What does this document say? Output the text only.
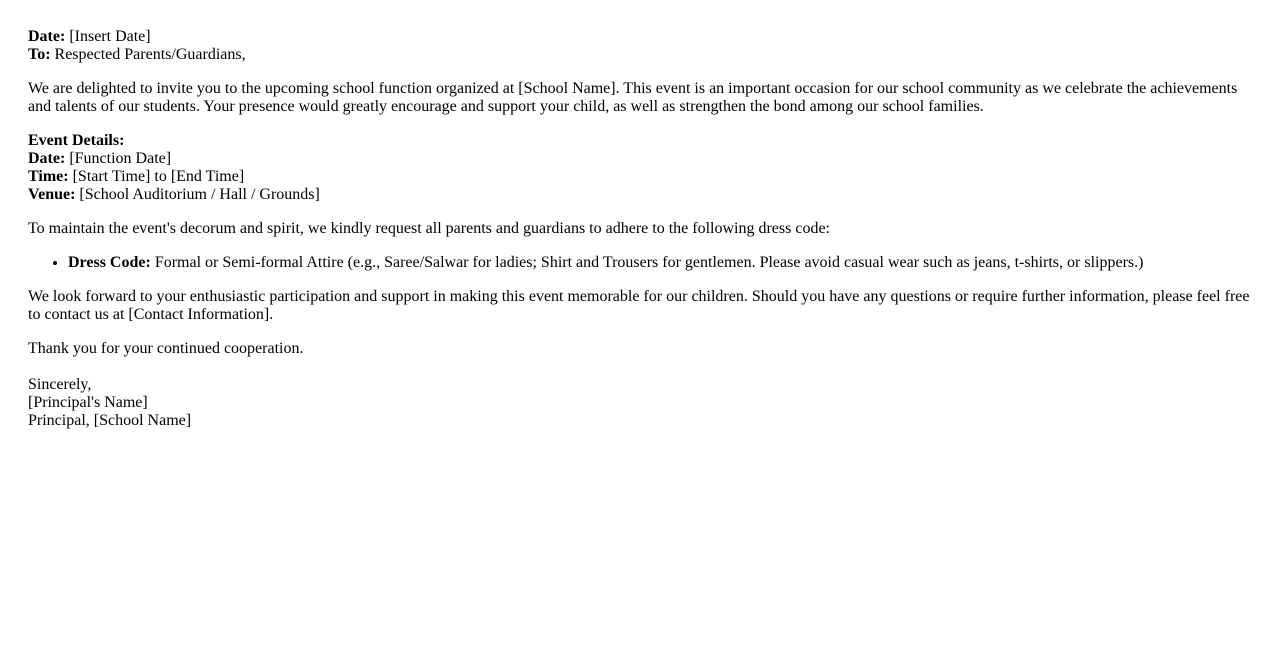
Date: [Insert Date]
To: Respected Parents/Guardians,

We are delighted to invite you to the upcoming school function organized at [School Name]. This event is an important occasion for our school community as we celebrate the achievements and talents of our students. Your presence would greatly encourage and support your child, as well as strengthen the bond among our school families.

Event Details:
Date: [Function Date]
Time: [Start Time] to [End Time]
Venue: [School Auditorium / Hall / Grounds]

To maintain the event's decorum and spirit, we kindly request all parents and guardians to adhere to the following dress code:

• Dress Code: Formal or Semi-formal Attire (e.g., Saree/Salwar for ladies; Shirt and Trousers for gentlemen. Please avoid casual wear such as jeans, t-shirts, or slippers.)

We look forward to your enthusiastic participation and support in making this event memorable for our children. Should you have any questions or require further information, please feel free to contact us at [Contact Information].

Thank you for your continued cooperation.

Sincerely,
[Principal's Name]
Principal, [School Name]
